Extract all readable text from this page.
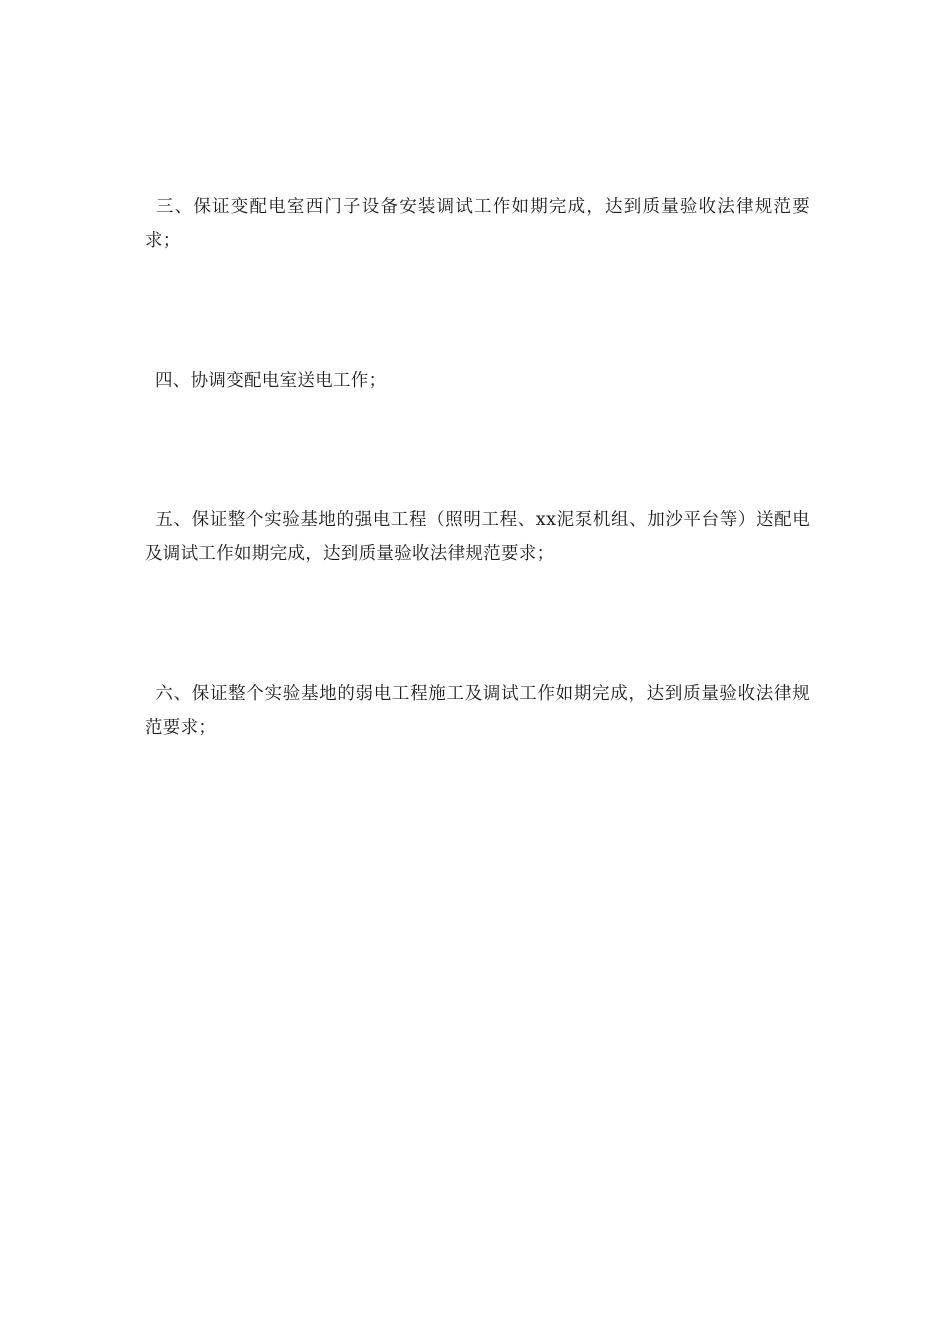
三、保证变配电室西门子设备安装调试工作如期完成，达到质量验收法律规范要求；

四、协调变配电室送电工作；

五、保证整个实验基地的强电工程（照明工程、xx泥泵机组、加沙平台等）送配电及调试工作如期完成，达到质量验收法律规范要求；

六、保证整个实验基地的弱电工程施工及调试工作如期完成，达到质量验收法律规范要求；
